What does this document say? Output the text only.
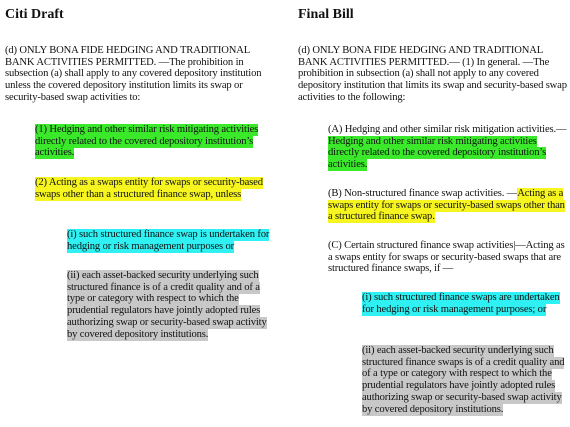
Citi Draft

(d) ONLY BONA FIDE HEDGING AND TRADITIONAL BANK ACTIVITIES PERMITTED. —The prohibition in subsection (a) shall apply to any covered depository institution unless the covered depository institution limits its swap or security-based swap activities to:

(1) Hedging and other similar risk mitigating activities directly related to the covered depository institution’s activities.

(2) Acting as a swaps entity for swaps or security-based swaps other than a structured finance swap, unless

(i) such structured finance swap is undertaken for hedging or risk management purposes or

(ii) each asset-backed security underlying such structured finance is of a credit quality and of a type or category with respect to which the prudential regulators have jointly adopted rules authorizing swap or security-based swap activity by covered depository institutions.

Final Bill

(d) ONLY BONA FIDE HEDGING AND TRADITIONAL BANK ACTIVITIES PERMITTED.— (1) In general. —The prohibition in subsection (a) shall not apply to any covered depository institution that limits its swap and security-based swap activities to the following:

(A) Hedging and other similar risk mitigation activities.—Hedging and other similar risk mitigating activities directly related to the covered depository institution’s activities.

(B) Non-structured finance swap activities. —Acting as a swaps entity for swaps or security-based swaps other than a structured finance swap.

(C) Certain structured finance swap activities|—Acting as a swaps entity for swaps or security-based swaps that are structured finance swaps, if —

(i) such structured finance swaps are undertaken for hedging or risk management purposes; or

(ii) each asset-backed security underlying such structured finance swaps is of a credit quality and of a type or category with respect to which the prudential regulators have jointly adopted rules authorizing swap or security-based swap activity by covered depository institutions.
